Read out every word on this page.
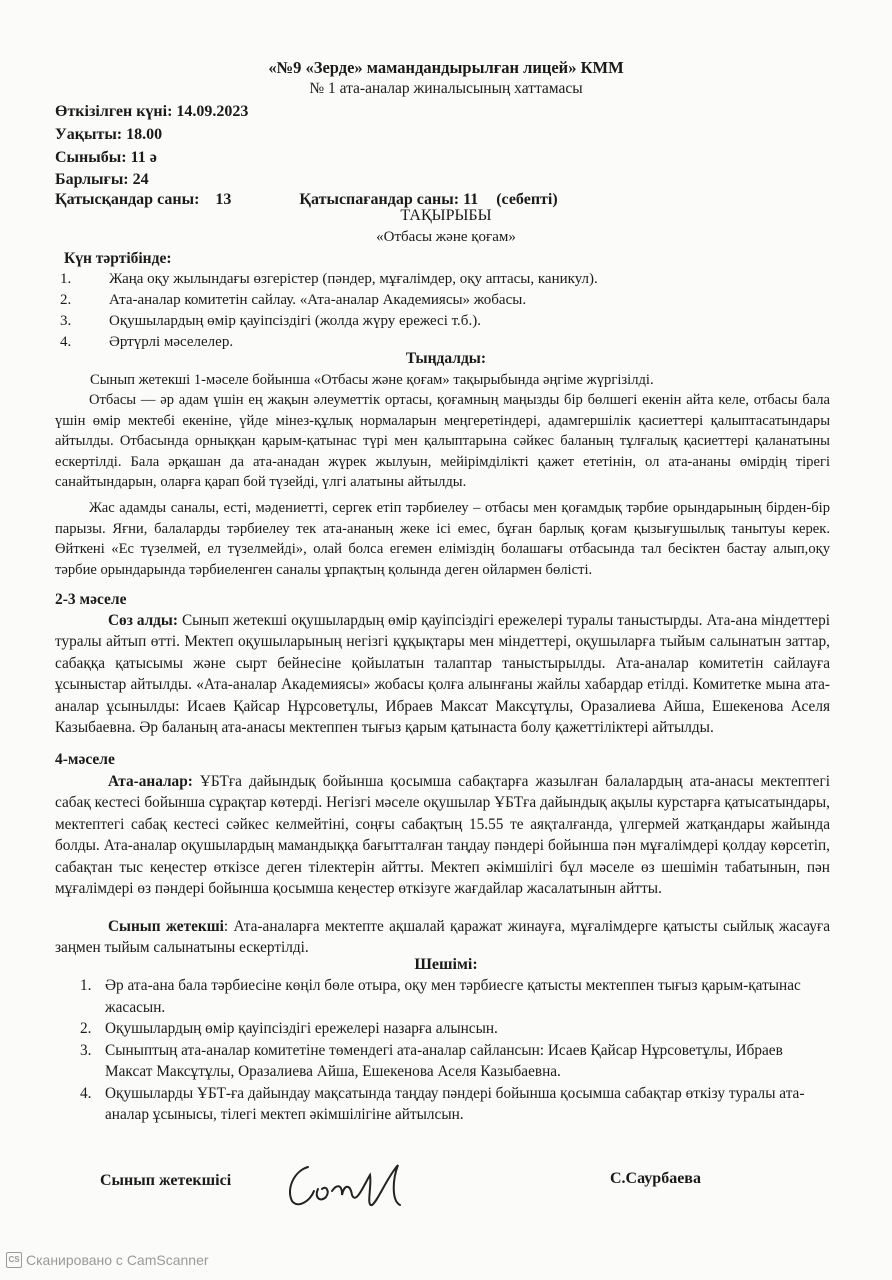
«№9 «Зерде» мамандандырылған лицей» КММ
№ 1 ата-аналар жиналысының хаттамасы
Өткізілген күні: 14.09.2023
Уақыты: 18.00
Сыныбы: 11 ә
Барлығы: 24
Қатысқандар саны: 13	Қатыспағандар саны: 11 (себепті)
ТАҚЫРЫБЫ
«Отбасы және қоғам»
Күн тәртібінде:
1.	Жаңа оқу жылындағы өзгерістер (пәндер, мұғалімдер, оқу аптасы, каникул).
2.	Ата-аналар комитетін сайлау. «Ата-аналар Академиясы» жобасы.
3.	Оқушылардың өмір қауіпсіздігі (жолда жүру ережесі т.б.).
4.	Әртүрлі мәселелер.
Тыңдалды:
Сынып жетекші 1-мәселе бойынша «Отбасы және қоғам» тақырыбында әңгіме жүргізілді.
Отбасы — әр адам үшін ең жақын әлеуметтік ортасы, қоғамның маңызды бір бөлшегі екенін айта келе, отбасы бала үшін өмір мектебі екеніне, үйде мінез-құлық нормаларын меңгеретіндері, адамгершілік қасиеттері қалыптасатындары айтылды. Отбасында орныққан қарым-қатынас түрі мен қалыптарына сәйкес баланың тұлғалық қасиеттері қаланатыны ескертілді. Бала әрқашан да ата-анадан жүрек жылуын, мейірімділікті қажет ететінін, ол ата-ананы өмірдің тірегі санайтындарын, оларға қарап бой түзейді, үлгі алатыны айтылды.
Жас адамды саналы, есті, мәдениетті, сергек етіп тәрбиелеу – отбасы мен қоғамдық тәрбие орындарының бірден-бір парызы. Яғни, балаларды тәрбиелеу тек ата-ананың жеке ісі емес, бұған барлық қоғам қызығушылық танытуы керек. Өйткені «Ес түзелмей, ел түзелмейді», олай болса егемен еліміздің болашағы отбасында тал бесіктен бастау алып,оқу тәрбие орындарында тәрбиеленген саналы ұрпақтың қолында деген ойлармен бөлісті.
2-3 мәселе
Сөз алды: Сынып жетекші оқушылардың өмір қауіпсіздігі ережелері туралы таныстырды. Ата-ана міндеттері туралы айтып өтті. Мектеп оқушыларының негізгі құқықтары мен міндеттері, оқушыларға тыйым салынатын заттар, сабаққа қатысымы және сырт бейнесіне қойылатын талаптар таныстырылды. Ата-аналар комитетін сайлауға ұсыныстар айтылды. «Ата-аналар Академиясы» жобасы қолға алынғаны жайлы хабардар етілді. Комитетке мына ата-аналар ұсынылды: Исаев Қайсар Нұрсоветұлы, Ибраев Максат Максұтұлы, Оразалиева Айша, Ешекенова Аселя Казыбаевна. Әр баланың ата-анасы мектеппен тығыз қарым қатынаста болу қажеттіліктері айтылды.
4-мәселе
Ата-аналар: ҰБТға дайындық бойынша қосымша сабақтарға жазылған балалардың ата-анасы мектептегі сабақ кестесі бойынша сұрақтар көтерді. Негізгі мәселе оқушылар ҰБТға дайындық ақылы курстарға қатысатындары, мектептегі сабақ кестесі сәйкес келмейтіні, соңғы сабақтың 15.55 те аяқталғанда, үлгермей жатқандары жайында болды. Ата-аналар оқушылардың мамандыққа бағытталған таңдау пәндері бойынша пән мұғалімдері қолдау көрсетіп, сабақтан тыс кеңестер өткізсе деген тілектерін айтты. Мектеп әкімшілігі бұл мәселе өз шешімін табатынын, пән мұғалімдері өз пәндері бойынша қосымша кеңестер өткізуге жағдайлар жасалатынын айтты.
Сынып жетекші: Ата-аналарға мектепте ақшалай қаражат жинауға, мұғалімдерге қатысты сыйлық жасауға заңмен тыйым салынатыны ескертілді.
Шешімі:
1. Әр ата-ана бала тәрбиесіне көңіл бөле отыра, оқу мен тәрбиесге қатысты мектеппен тығыз қарым-қатынас жасасын.
2. Оқушылардың өмір қауіпсіздігі ережелері назарға алынсын.
3. Сыныптың ата-аналар комитетіне төмендегі ата-аналар сайлансын: Исаев Қайсар Нұрсоветұлы, Ибраев Максат Максұтұлы, Оразалиева Айша, Ешекенова Аселя Казыбаевна.
4. Оқушыларды ҰБТ-ға дайындау мақсатында таңдау пәндері бойынша қосымша сабақтар өткізу туралы ата-аналар ұсынысы, тілегі мектеп әкімшілігіне айтылсын.
Сынып жетекшісі	С.Саурбаева
CS Сканировано с CamScanner
